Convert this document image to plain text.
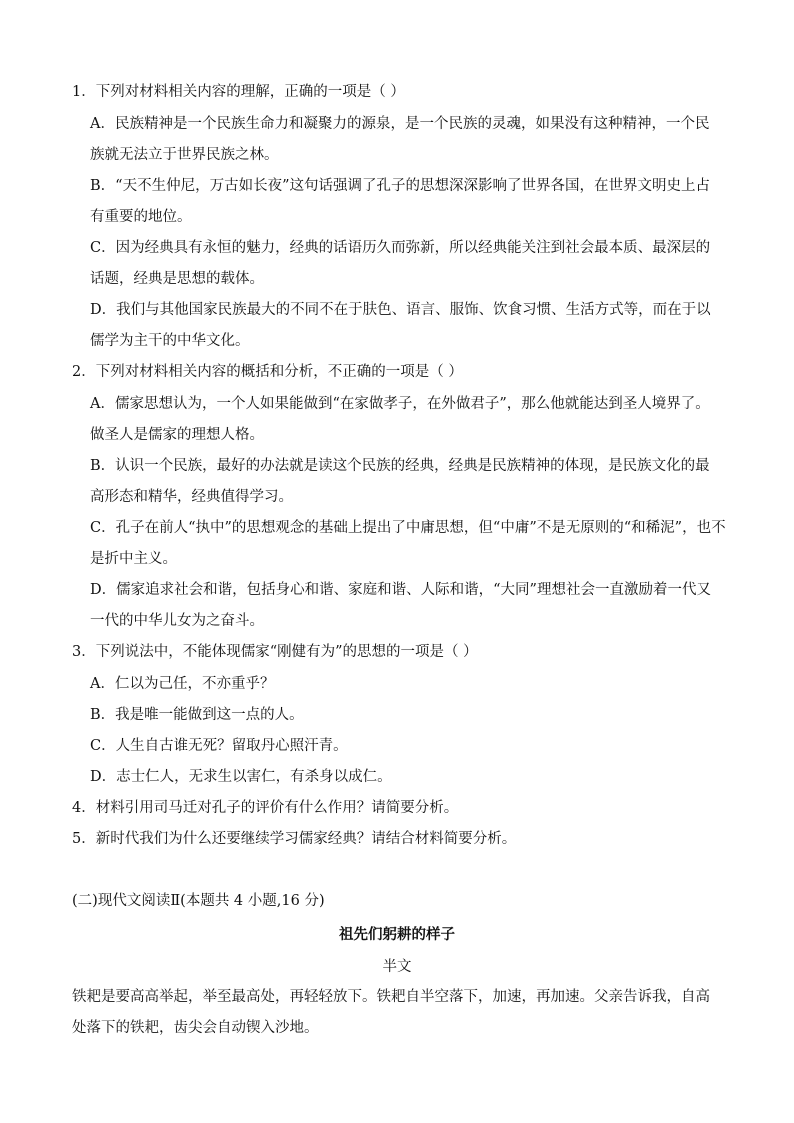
1．下列对材料相关内容的理解，正确的一项是（ ）
A．民族精神是一个民族生命力和凝聚力的源泉，是一个民族的灵魂，如果没有这种精神，一个民
族就无法立于世界民族之林。
B．“天不生仲尼，万古如长夜”这句话强调了孔子的思想深深影响了世界各国，在世界文明史上占
有重要的地位。
C．因为经典具有永恒的魅力，经典的话语历久而弥新，所以经典能关注到社会最本质、最深层的
话题，经典是思想的载体。
D．我们与其他国家民族最大的不同不在于肤色、语言、服饰、饮食习惯、生活方式等，而在于以
儒学为主干的中华文化。
2．下列对材料相关内容的概括和分析，不正确的一项是（ ）
A．儒家思想认为，一个人如果能做到“在家做孝子，在外做君子”，那么他就能达到圣人境界了。
做圣人是儒家的理想人格。
B．认识一个民族，最好的办法就是读这个民族的经典，经典是民族精神的体现，是民族文化的最
高形态和精华，经典值得学习。
C．孔子在前人“执中”的思想观念的基础上提出了中庸思想，但“中庸”不是无原则的“和稀泥”，也不
是折中主义。
D．儒家追求社会和谐，包括身心和谐、家庭和谐、人际和谐，“大同”理想社会一直激励着一代又
一代的中华儿女为之奋斗。
3．下列说法中，不能体现儒家“刚健有为”的思想的一项是（ ）
A．仁以为己任，不亦重乎？
B．我是唯一能做到这一点的人。
C．人生自古谁无死？留取丹心照汗青。
D．志士仁人，无求生以害仁，有杀身以成仁。
4．材料引用司马迁对孔子的评价有什么作用？请简要分析。
5．新时代我们为什么还要继续学习儒家经典？请结合材料简要分析。
(二)现代文阅读Ⅱ(本题共 4 小题,16 分)
祖先们躬耕的样子
半文
铁耙是要高高举起，举至最高处，再轻轻放下。铁耙自半空落下，加速，再加速。父亲告诉我，自高
处落下的铁耙，齿尖会自动锲入沙地。
